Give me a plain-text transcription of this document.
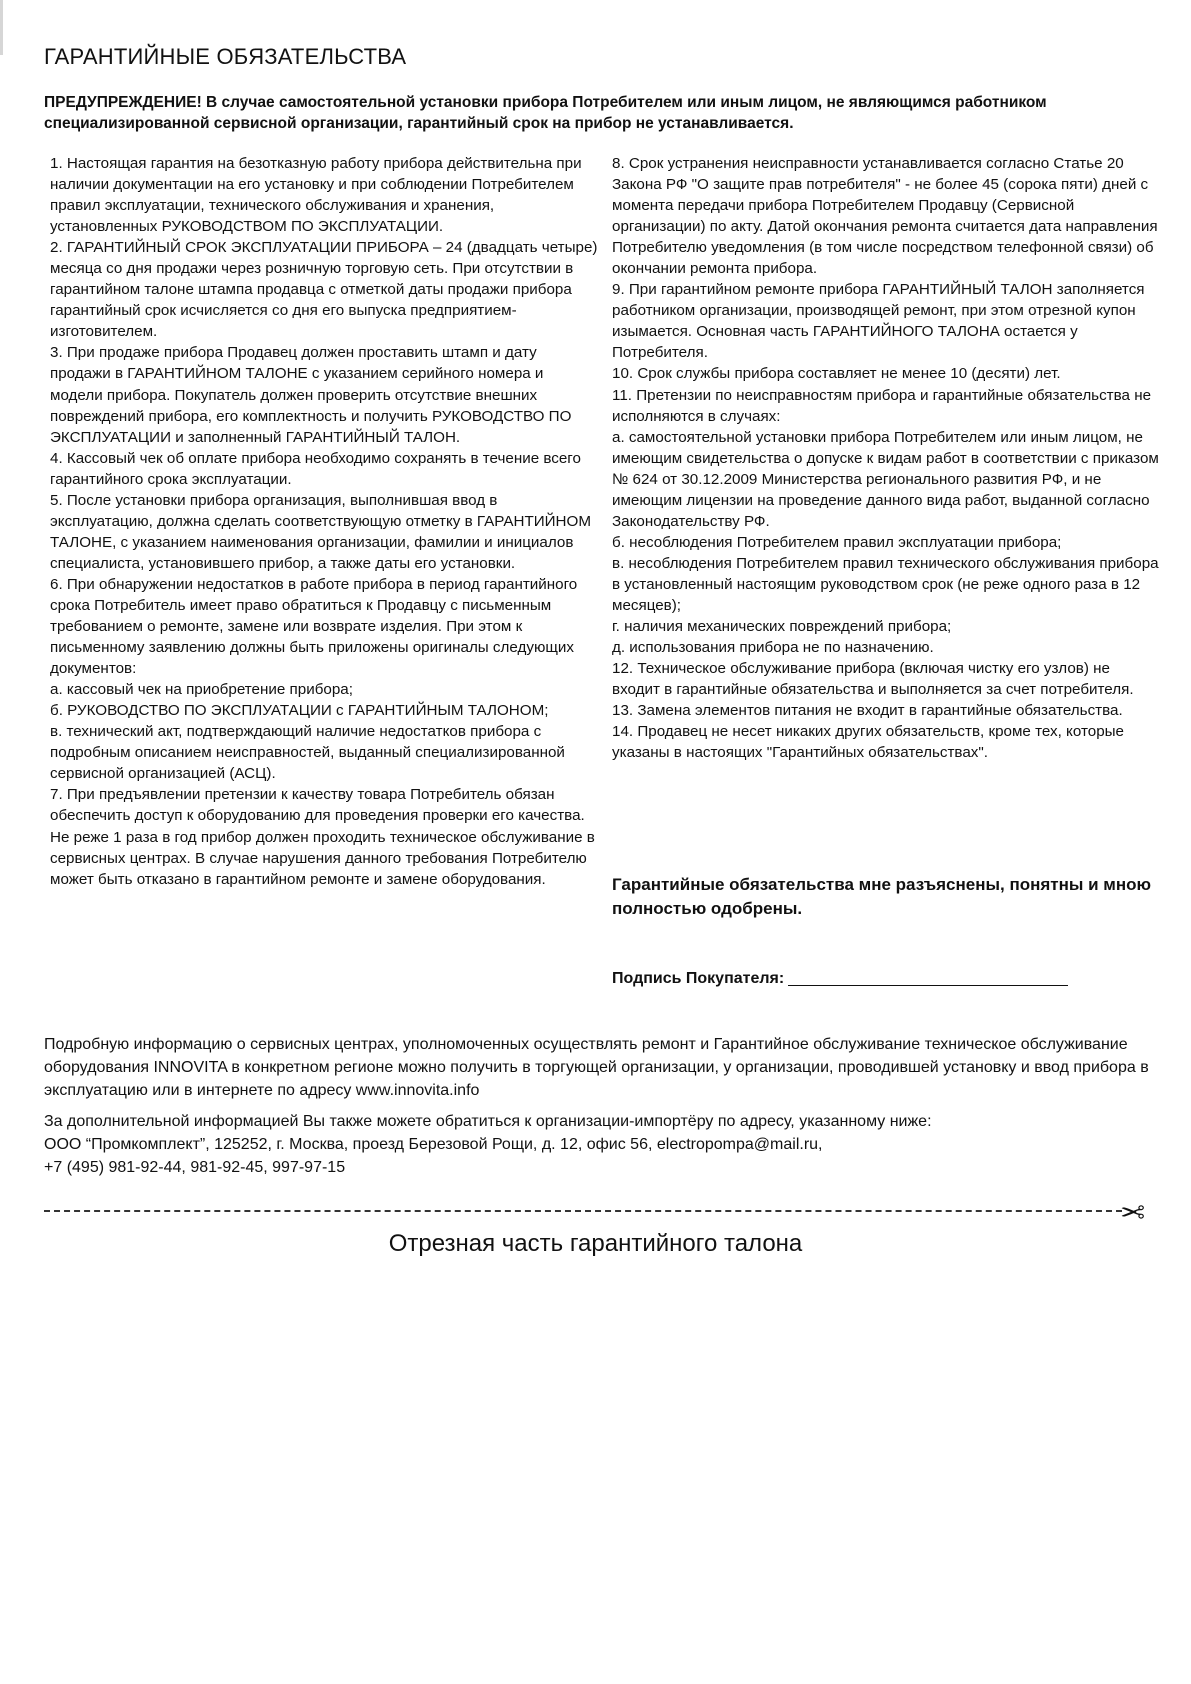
ГАРАНТИЙНЫЕ ОБЯЗАТЕЛЬСТВА
ПРЕДУПРЕЖДЕНИЕ! В случае самостоятельной установки прибора Потребителем или иным лицом, не являющимся работником специализированной сервисной организации, гарантийный срок на прибор не устанавливается.

1. Настоящая гарантия на безотказную работу прибора действительна при наличии документации на его установку и при соблюдении Потребителем правил эксплуатации, технического обслуживания и хранения, установленных РУКОВОДСТВОМ ПО ЭКСПЛУАТАЦИИ.

2. ГАРАНТИЙНЫЙ СРОК ЭКСПЛУАТАЦИИ ПРИБОРА – 24 (двадцать четыре) месяца со дня продажи через розничную торговую сеть. При отсутствии в гарантийном талоне штампа продавца с отметкой даты продажи прибора гарантийный срок исчисляется со дня его выпуска предприятием-изготовителем.

3. При продаже прибора Продавец должен проставить штамп и дату продажи в ГАРАНТИЙНОМ ТАЛОНЕ с указанием серийного номера и модели прибора. Покупатель должен проверить отсутствие внешних повреждений прибора, его комплектность и получить РУКОВОДСТВО ПО ЭКСПЛУАТАЦИИ и заполненный ГАРАНТИЙНЫЙ ТАЛОН.

4. Кассовый чек об оплате прибора необходимо сохранять в течение всего гарантийного срока эксплуатации.

5. После установки прибора организация, выполнившая ввод в эксплуатацию, должна сделать соответствующую отметку в ГАРАНТИЙНОМ ТАЛОНЕ, с указанием наименования организации, фамилии и инициалов специалиста, установившего прибор, а также даты его установки.

6. При обнаружении недостатков в работе прибора в период гарантийного срока Потребитель имеет право обратиться к Продавцу с письменным требованием о ремонте, замене или возврате изделия. При этом к письменному заявлению должны быть приложены оригиналы следующих документов:

а. кассовый чек на приобретение прибора;

б. РУКОВОДСТВО ПО ЭКСПЛУАТАЦИИ с ГАРАНТИЙНЫМ ТАЛОНОМ;

в. технический акт, подтверждающий наличие недостатков прибора с подробным описанием неисправностей, выданный специализированной сервисной организацией (АСЦ).

7. При предъявлении претензии к качеству товара Потребитель обязан обеспечить доступ к оборудованию для проведения проверки его качества. Не реже 1 раза в год прибор должен проходить техническое обслуживание в сервисных центрах. В случае нарушения данного требования Потребителю может быть отказано в гарантийном ремонте и замене оборудования.

8. Срок устранения неисправности устанавливается согласно Статье 20 Закона РФ "О защите прав потребителя" - не более 45 (сорока пяти) дней с момента передачи прибора Потребителем Продавцу (Сервисной организации) по акту. Датой окончания ремонта считается дата направления Потребителю уведомления (в том числе посредством телефонной связи) об окончании ремонта прибора.

9. При гарантийном ремонте прибора ГАРАНТИЙНЫЙ ТАЛОН заполняется работником организации, производящей ремонт, при этом отрезной купон изымается. Основная часть ГАРАНТИЙНОГО ТАЛОНА остается у Потребителя.

10. Срок службы прибора составляет не менее 10 (десяти) лет.

11. Претензии по неисправностям прибора и гарантийные обязательства не исполняются в случаях:

а. самостоятельной установки прибора Потребителем или иным лицом, не имеющим свидетельства о допуске к видам работ в соответствии с приказом № 624 от 30.12.2009 Министерства регионального развития РФ, и не имеющим лицензии на проведение данного вида работ, выданной согласно Законодательству РФ.

б. несоблюдения Потребителем правил эксплуатации прибора;

в. несоблюдения Потребителем правил технического обслуживания прибора в установленный настоящим руководством срок (не реже одного раза в 12 месяцев);

г. наличия механических повреждений прибора;

д. использования прибора не по назначению.

12. Техническое обслуживание прибора (включая чистку его узлов) не входит в гарантийные обязательства и выполняется за счет потребителя.

13. Замена элементов питания не входит в гарантийные обязательства.

14. Продавец не несет никаких других обязательств, кроме тех, которые указаны в настоящих "Гарантийных обязательствах".

Гарантийные обязательства мне разъяснены, понятны и мною полностью одобрены.
Подпись Покупателя:
Подробную информацию о сервисных центрах, уполномоченных осуществлять ремонт и Гарантийное обслуживание техническое обслуживание оборудования INNOVITA в конкретном регионе можно получить в торгующей организации, у организации, проводившей установку и ввод прибора в эксплуатацию или в интернете по адресу www.innovita.info
За дополнительной информацией Вы также можете обратиться к организации-импортёру по адресу, указанному ниже:
ООО “Промкомплект”, 125252, г. Москва, проезд Березовой Рощи, д. 12, офис 56, electropompa@mail.ru,
+7 (495) 981-92-44, 981-92-45, 997-97-15
✂
Отрезная часть гарантийного талона
